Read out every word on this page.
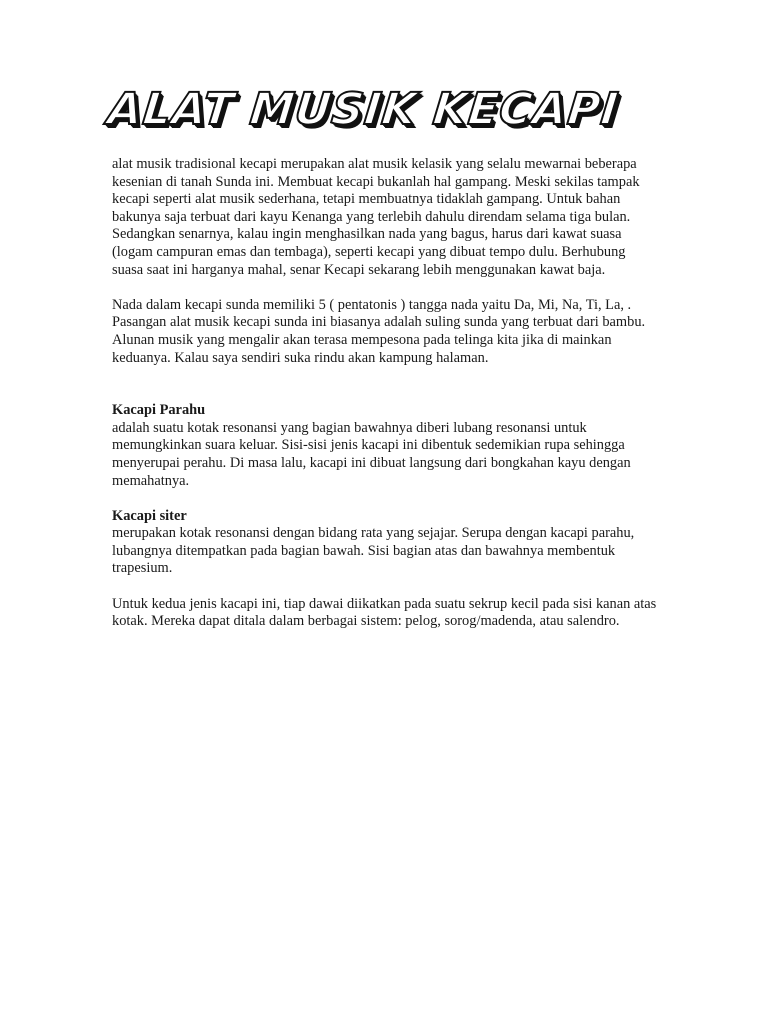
ALAT MUSIK KECAPI

alat musik tradisional kecapi merupakan alat musik kelasik yang selalu mewarnai beberapa kesenian di tanah Sunda ini. Membuat kecapi bukanlah hal gampang. Meski sekilas tampak kecapi seperti alat musik sederhana, tetapi membuatnya tidaklah gampang. Untuk bahan bakunya saja terbuat dari kayu Kenanga yang terlebih dahulu direndam selama tiga bulan. Sedangkan senarnya, kalau ingin menghasilkan nada yang bagus, harus dari kawat suasa (logam campuran emas dan tembaga), seperti kecapi yang dibuat tempo dulu. Berhubung suasa saat ini harganya mahal, senar Kecapi sekarang lebih menggunakan kawat baja.

Nada dalam kecapi sunda memiliki 5 ( pentatonis ) tangga nada yaitu Da, Mi, Na, Ti, La, .

Pasangan alat musik kecapi sunda ini biasanya adalah suling sunda yang terbuat dari bambu. Alunan musik yang mengalir akan terasa mempesona pada telinga kita jika di mainkan keduanya. Kalau saya sendiri suka rindu akan kampung halaman.

Kacapi Parahu

adalah suatu kotak resonansi yang bagian bawahnya diberi lubang resonansi untuk memungkinkan suara keluar. Sisi-sisi jenis kacapi ini dibentuk sedemikian rupa sehingga menyerupai perahu. Di masa lalu, kacapi ini dibuat langsung dari bongkahan kayu dengan memahatnya.

Kacapi siter

merupakan kotak resonansi dengan bidang rata yang sejajar. Serupa dengan kacapi parahu, lubangnya ditempatkan pada bagian bawah. Sisi bagian atas dan bawahnya membentuk trapesium.

Untuk kedua jenis kacapi ini, tiap dawai diikatkan pada suatu sekrup kecil pada sisi kanan atas kotak. Mereka dapat ditala dalam berbagai sistem: pelog, sorog/madenda, atau salendro.
